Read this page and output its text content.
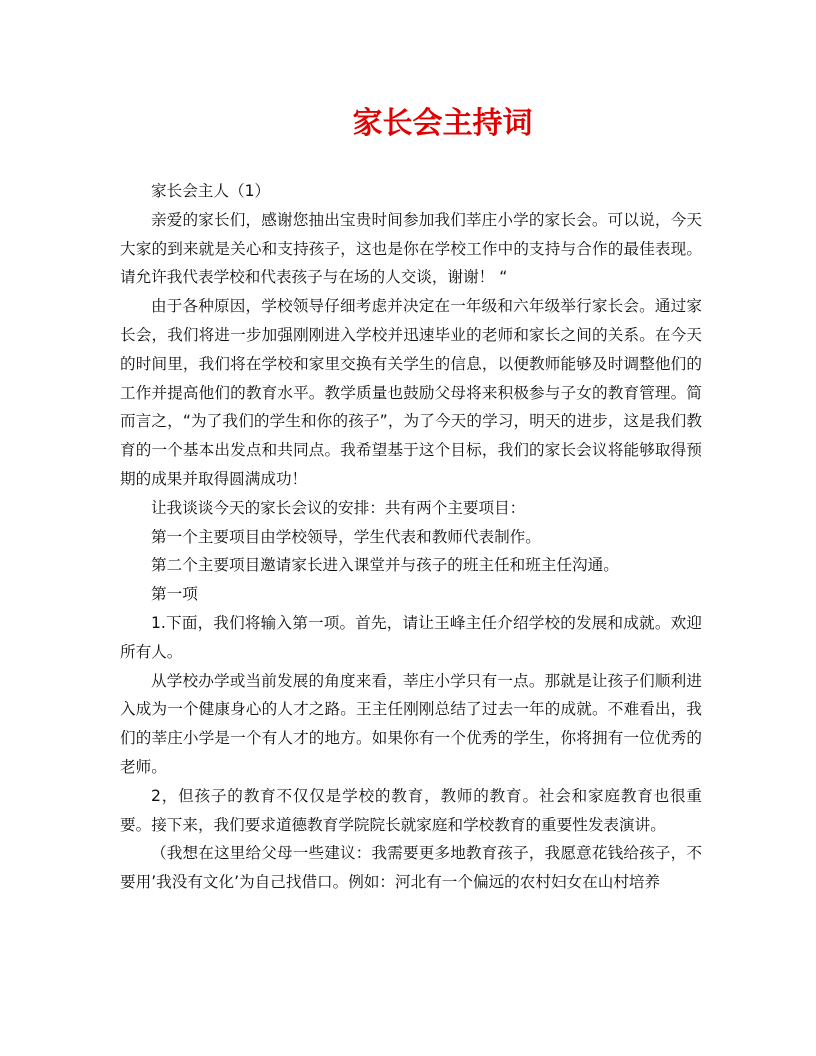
家长会主持词

家长会主人（1）

亲爱的家长们，感谢您抽出宝贵时间参加我们莘庄小学的家长会。可以说，今天大家的到来就是关心和支持孩子，这也是你在学校工作中的支持与合作的最佳表现。请允许我代表学校和代表孩子与在场的人交谈，谢谢！ “

由于各种原因，学校领导仔细考虑并决定在一年级和六年级举行家长会。通过家长会，我们将进一步加强刚刚进入学校并迅速毕业的老师和家长之间的关系。在今天的时间里，我们将在学校和家里交换有关学生的信息，以便教师能够及时调整他们的工作并提高他们的教育水平。教学质量也鼓励父母将来积极参与子女的教育管理。简而言之，“为了我们的学生和你的孩子”，为了今天的学习，明天的进步，这是我们教育的一个基本出发点和共同点。我希望基于这个目标，我们的家长会议将能够取得预期的成果并取得圆满成功！

让我谈谈今天的家长会议的安排：共有两个主要项目：

第一个主要项目由学校领导，学生代表和教师代表制作。

第二个主要项目邀请家长进入课堂并与孩子的班主任和班主任沟通。

第一项

1.下面，我们将输入第一项。首先，请让王峰主任介绍学校的发展和成就。欢迎所有人。

从学校办学或当前发展的角度来看，莘庄小学只有一点。那就是让孩子们顺利进入成为一个健康身心的人才之路。王主任刚刚总结了过去一年的成就。不难看出，我们的莘庄小学是一个有人才的地方。如果你有一个优秀的学生，你将拥有一位优秀的老师。

2，但孩子的教育不仅仅是学校的教育，教师的教育。社会和家庭教育也很重要。接下来，我们要求道德教育学院院长就家庭和学校教育的重要性发表演讲。

（我想在这里给父母一些建议：我需要更多地教育孩子，我愿意花钱给孩子，不要用’我没有文化’为自己找借口。例如：河北有一个偏远的农村妇女在山村培养
